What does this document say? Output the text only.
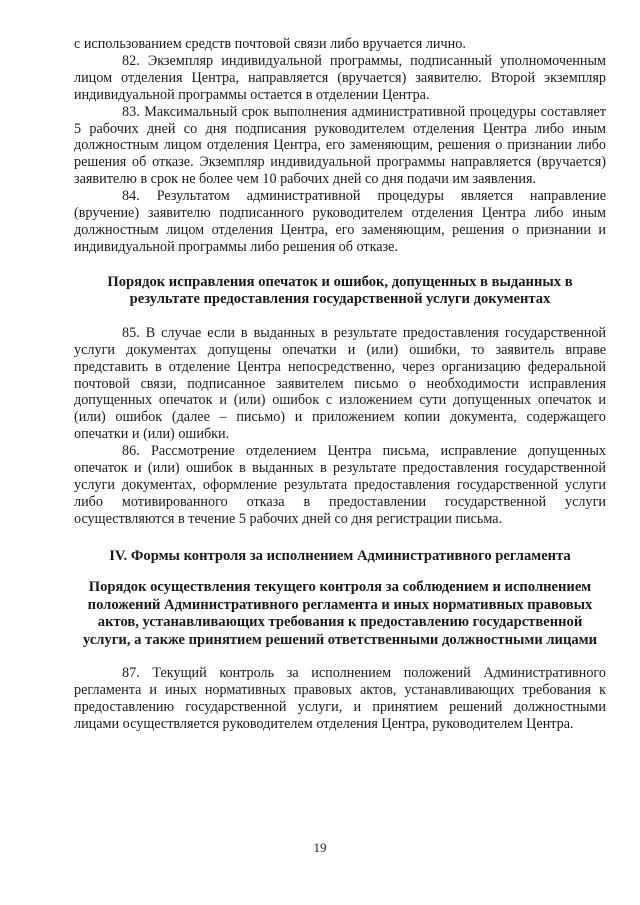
с использованием средств почтовой связи либо вручается лично.

82. Экземпляр индивидуальной программы, подписанный уполномоченным лицом отделения Центра, направляется (вручается) заявителю. Второй экземпляр индивидуальной программы остается в отделении Центра.

83. Максимальный срок выполнения административной процедуры составляет 5 рабочих дней со дня подписания руководителем отделения Центра либо иным должностным лицом отделения Центра, его заменяющим, решения о признании либо решения об отказе. Экземпляр индивидуальной программы направляется (вручается) заявителю в срок не более чем 10 рабочих дней со дня подачи им заявления.

84. Результатом административной процедуры является направление (вручение) заявителю подписанного руководителем отделения Центра либо иным должностным лицом отделения Центра, его заменяющим, решения о признании и индивидуальной программы либо решения об отказе.

Порядок исправления опечаток и ошибок, допущенных в выданных в результате предоставления государственной услуги документах

85. В случае если в выданных в результате предоставления государственной услуги документах допущены опечатки и (или) ошибки, то заявитель вправе представить в отделение Центра непосредственно, через организацию федеральной почтовой связи, подписанное заявителем письмо о необходимости исправления допущенных опечаток и (или) ошибок с изложением сути допущенных опечаток и (или) ошибок (далее – письмо) и приложением копии документа, содержащего опечатки и (или) ошибки.

86. Рассмотрение отделением Центра письма, исправление допущенных опечаток и (или) ошибок в выданных в результате предоставления государственной услуги документах, оформление результата предоставления государственной услуги либо мотивированного отказа в предоставлении государственной услуги осуществляются в течение 5 рабочих дней со дня регистрации письма.

IV. Формы контроля за исполнением Административного регламента

Порядок осуществления текущего контроля за соблюдением и исполнением положений Административного регламента и иных нормативных правовых актов, устанавливающих требования к предоставлению государственной услуги, а также принятием решений ответственными должностными лицами

87. Текущий контроль за исполнением положений Административного регламента и иных нормативных правовых актов, устанавливающих требования к предоставлению государственной услуги, и принятием решений должностными лицами осуществляется руководителем отделения Центра, руководителем Центра.

19
